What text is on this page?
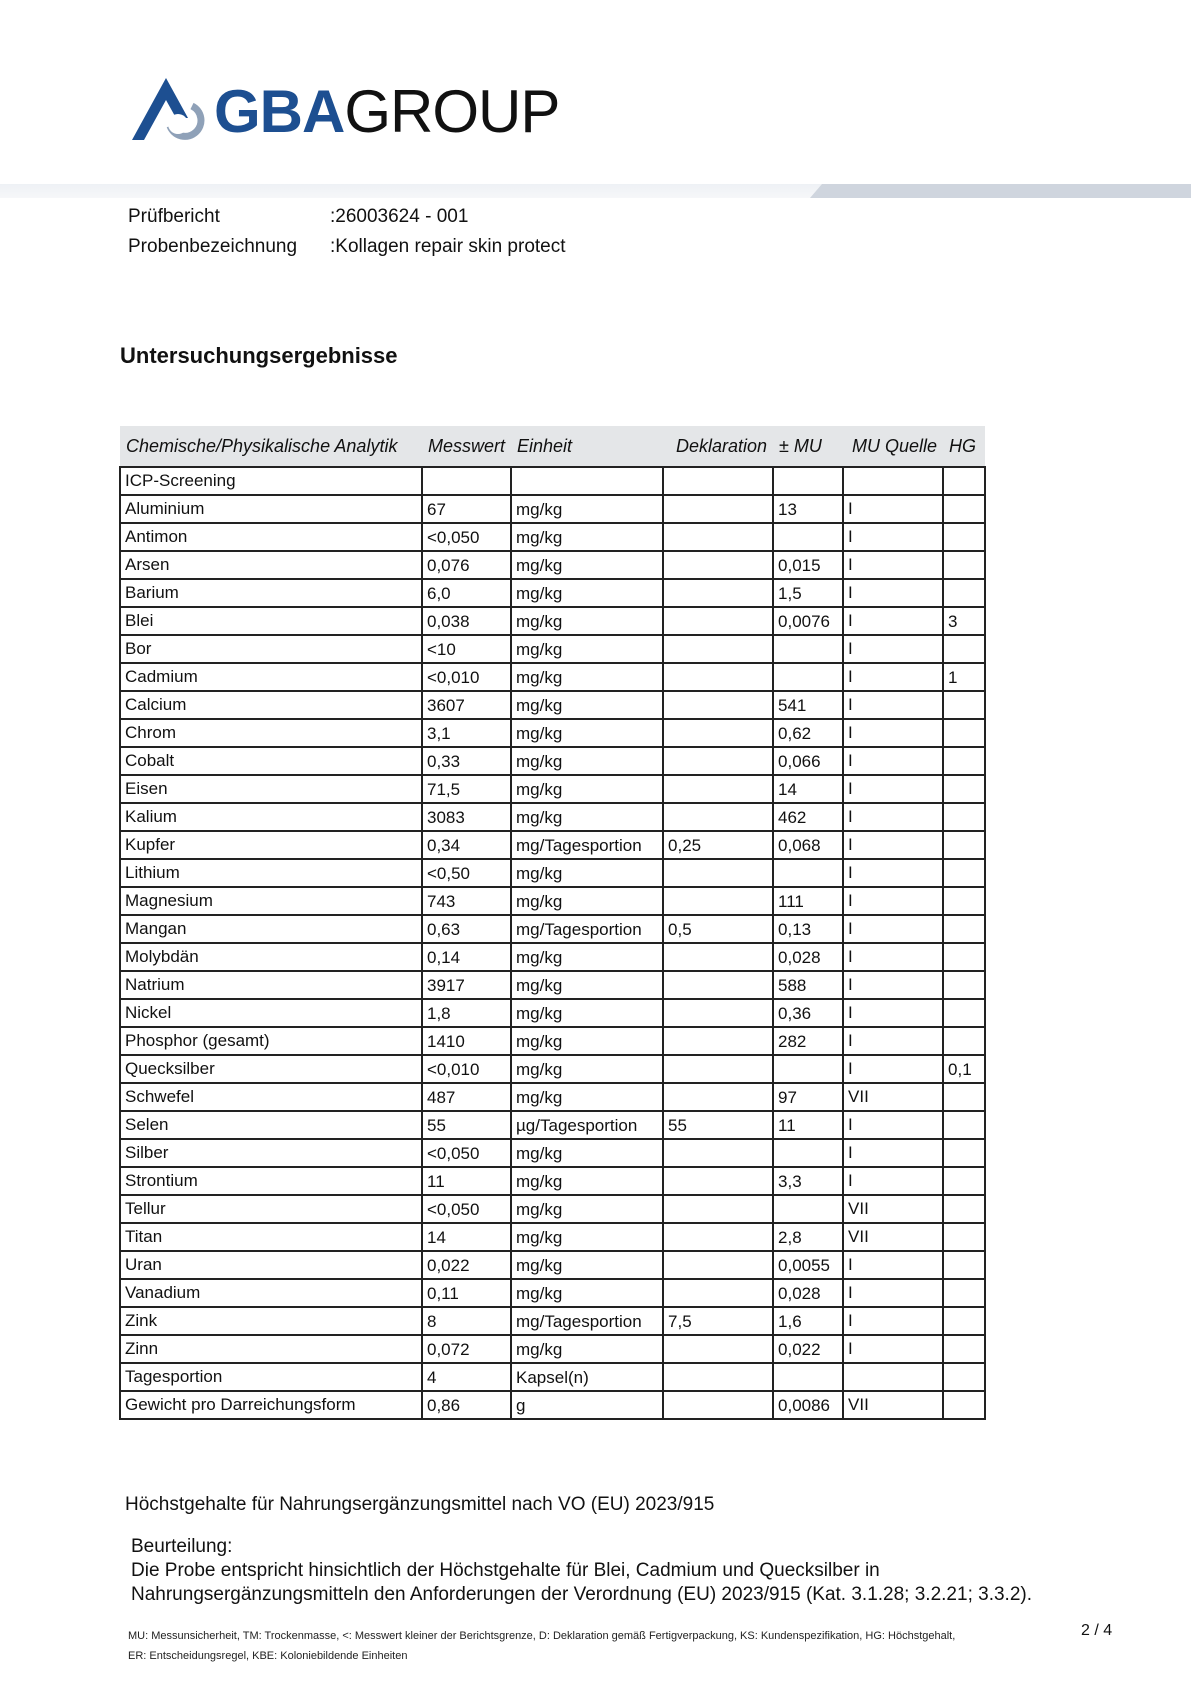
GBAGROUP
Prüfbericht	:26003624 - 001
Probenbezeichnung :Kollagen repair skin protect
Untersuchungsergebnisse
Chemische/Physikalische Analytik	Messwert	Einheit	Deklaration	± MU	MU Quelle	HG
ICP-Screening						
Aluminium	67	mg/kg		13	I	
Antimon	<0,050	mg/kg			I	
Arsen	0,076	mg/kg		0,015	I	
Barium	6,0	mg/kg		1,5	I	
Blei	0,038	mg/kg		0,0076	I	3
Bor	<10	mg/kg			I	
Cadmium	<0,010	mg/kg			I	1
Calcium	3607	mg/kg		541	I	
Chrom	3,1	mg/kg		0,62	I	
Cobalt	0,33	mg/kg		0,066	I	
Eisen	71,5	mg/kg		14	I	
Kalium	3083	mg/kg		462	I	
Kupfer	0,34	mg/Tagesportion	0,25	0,068	I	
Lithium	<0,50	mg/kg			I	
Magnesium	743	mg/kg		111	I	
Mangan	0,63	mg/Tagesportion	0,5	0,13	I	
Molybdän	0,14	mg/kg		0,028	I	
Natrium	3917	mg/kg		588	I	
Nickel	1,8	mg/kg		0,36	I	
Phosphor (gesamt)	1410	mg/kg		282	I	
Quecksilber	<0,010	mg/kg			I	0,1
Schwefel	487	mg/kg		97	VII	
Selen	55	µg/Tagesportion	55	11	I	
Silber	<0,050	mg/kg			I	
Strontium	11	mg/kg		3,3	I	
Tellur	<0,050	mg/kg			VII	
Titan	14	mg/kg		2,8	VII	
Uran	0,022	mg/kg		0,0055	I	
Vanadium	0,11	mg/kg		0,028	I	
Zink	8	mg/Tagesportion	7,5	1,6	I	
Zinn	0,072	mg/kg		0,022	I	
Tagesportion	4	Kapsel(n)				
Gewicht pro Darreichungsform	0,86	g		0,0086	VII	
Höchstgehalte für Nahrungsergänzungsmittel nach VO (EU) 2023/915
Beurteilung:
Die Probe entspricht hinsichtlich der Höchstgehalte für Blei, Cadmium und Quecksilber in Nahrungsergänzungsmitteln den Anforderungen der Verordnung (EU) 2023/915 (Kat. 3.1.28; 3.2.21; 3.3.2).
MU: Messunsicherheit, TM: Trockenmasse, <: Messwert kleiner der Berichtsgrenze, D: Deklaration gemäß Fertigverpackung, KS: Kundenspezifikation, HG: Höchstgehalt,
ER: Entscheidungsregel, KBE: Koloniebildende Einheiten
2 / 4
